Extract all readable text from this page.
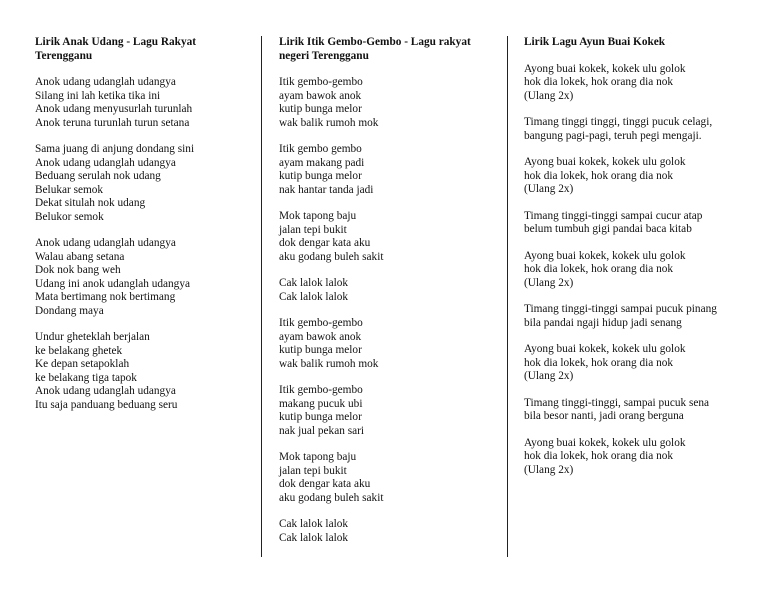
Lirik Anak Udang - Lagu Rakyat Terengganu
Anok udang udanglah udangya
Silang ini lah ketika tika ini
Anok udang menyusurlah turunlah
Anok teruna turunlah turun setana
Sama juang di anjung dondang sini
Anok udang udanglah udangya
Beduang serulah nok udang
Belukar semok
Dekat situlah nok udang
Belukor semok
Anok udang udanglah udangya
Walau abang setana
Dok nok bang weh
Udang ini anok udanglah udangya
Mata bertimang nok bertimang
Dondang maya
Undur gheteklah berjalan
ke belakang ghetek
Ke depan setapoklah
ke belakang tiga tapok
Anok udang udanglah udangya
Itu saja panduang beduang seru
Lirik Itik Gembo-Gembo - Lagu rakyat negeri Terengganu
Itik gembo-gembo
ayam bawok anok
kutip bunga melor
wak balik rumoh mok
Itik gembo gembo
ayam makang padi
kutip bunga melor
nak hantar tanda jadi
Mok tapong baju
jalan tepi bukit
dok dengar kata aku
aku godang buleh sakit
Cak lalok lalok
Cak lalok lalok
Itik gembo-gembo
ayam bawok anok
kutip bunga melor
wak balik rumoh mok
Itik gembo-gembo
makang pucuk ubi
kutip bunga melor
nak jual pekan sari
Mok tapong baju
jalan tepi bukit
dok dengar kata aku
aku godang buleh sakit
Cak lalok lalok
Cak lalok lalok
Lirik Lagu Ayun Buai Kokek
Ayong buai kokek, kokek ulu golok
hok dia lokek, hok orang dia nok
(Ulang 2x)
Timang tinggi tinggi, tinggi pucuk celagi,
bangung pagi-pagi, teruh pegi mengaji.
Ayong buai kokek, kokek ulu golok
hok dia lokek, hok orang dia nok
(Ulang 2x)
Timang tinggi-tinggi sampai cucur atap
belum tumbuh gigi pandai baca kitab
Ayong buai kokek, kokek ulu golok
hok dia lokek, hok orang dia nok
(Ulang 2x)
Timang tinggi-tinggi sampai pucuk pinang
bila pandai ngaji hidup jadi senang
Ayong buai kokek, kokek ulu golok
hok dia lokek, hok orang dia nok
(Ulang 2x)
Timang tinggi-tinggi, sampai pucuk sena
bila besor nanti, jadi orang berguna
Ayong buai kokek, kokek ulu golok
hok dia lokek, hok orang dia nok
(Ulang 2x)
